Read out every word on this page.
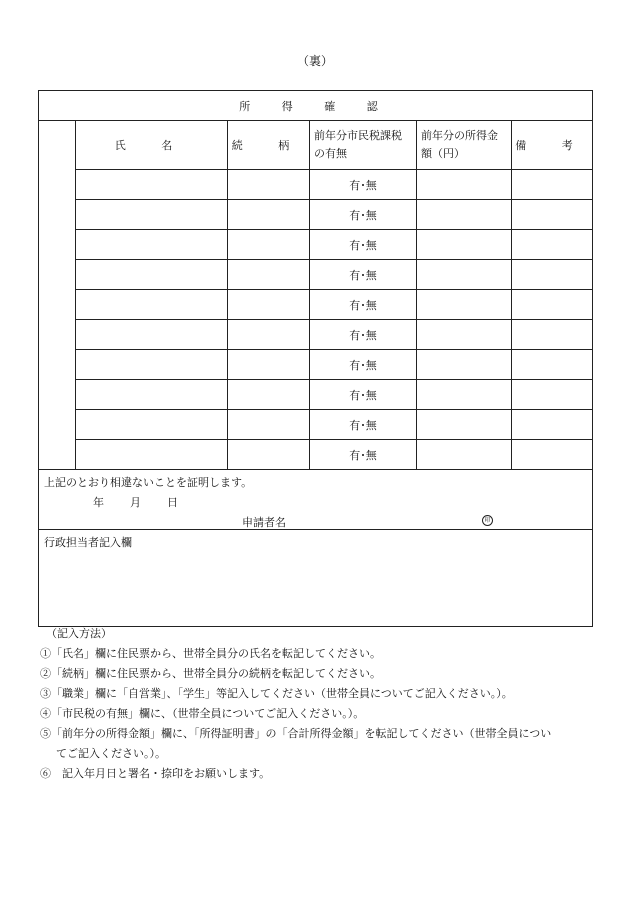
（裏）
所 得 確 認					
	氏 名	続 柄	前年分市民税課税の有無	前年分の所得金額（円）	備 考
			有･無		
			有･無		
			有･無		
			有･無		
			有･無		
			有･無		
			有･無		
			有･無		
			有･無		
			有･無		

上記のとおり相違ないことを証明します。
年 月 日
申請者名 印					

行政担当者記入欄					
（記入方法）
①「氏名」欄に住民票から、世帯全員分の氏名を転記してください。
②「続柄」欄に住民票から、世帯全員分の続柄を転記してください。
③「職業」欄に「自営業」、「学生」等記入してください（世帯全員についてご記入ください。）。
④「市民税の有無」欄に、（世帯全員についてご記入ください。）。
⑤「前年分の所得金額」欄に、「所得証明書」の「合計所得金額」を転記してください（世帯全員につい
てご記入ください。）。
⑥　記入年月日と署名・捺印をお願いします。
